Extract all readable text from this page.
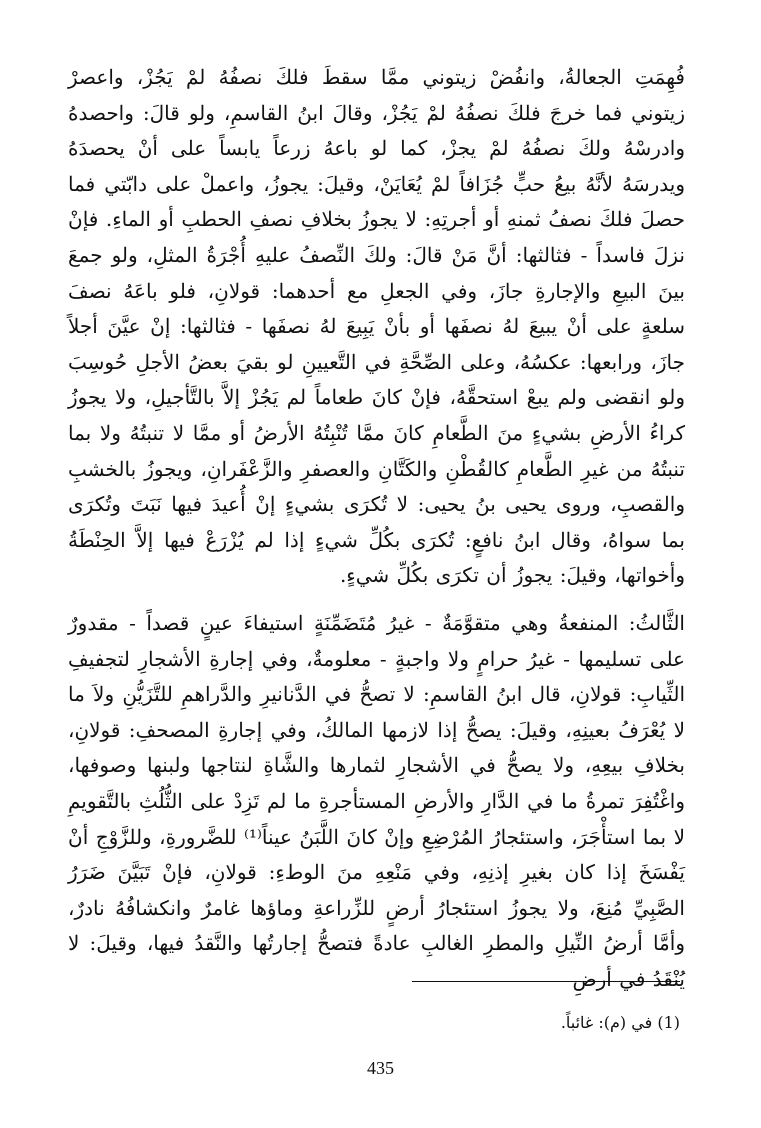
فُهِمَتِ الجعالةُ، وانفُضْ زيتوني ممَّا سقطَ فلكَ نصفُهُ لمْ يَجُزْ، واعصرْ زيتوني فما خرجَ فلكَ نصفُهُ لمْ يَجُزْ، وقالَ ابنُ القاسمِ، ولو قالَ: واحصدهُ وادرسْهُ ولكَ نصفُهُ لمْ يجزْ، كما لو باعهُ زرعاً يابساً على أنْ يحصدَهُ ويدرسَهُ لأنَّهُ بيعُ حبٍّ جُزَافاً لمْ يُعَايَنْ، وقيلَ: يجوزُ، واعملْ على دابّتي فما حصلَ فلكَ نصفُ ثمنهِ أو أجرتِهِ: لا يجوزُ بخلافِ نصفِ الحطبِ أو الماءِ. فإنْ نزلَ فاسداً - فثالثها: أنَّ مَنْ قالَ: ولكَ النِّصفُ عليهِ أُجْرَةُ المثلِ، ولو جمعَ بينَ البيعِ والإجارةِ جازَ، وفي الجعلِ مع أحدهما: قولانِ، فلو باعَهُ نصفَ سلعةٍ على أنْ يبيعَ لهُ نصفَها أو بأنْ يَبِيعَ لهُ نصفَها - فثالثها: إنْ عيَّنَ أجلاً جازَ، ورابعها: عكسُهُ، وعلى الصِّحَّةِ في التَّعيينِ لو بقيَ بعضُ الأجلِ حُوسِبَ ولو انقضى ولم يبعْ استحقَّهُ، فإنْ كانَ طعاماً لم يَجُزْ إلاَّ بالتَّأجيلِ، ولا يجوزُ كراءُ الأرضِ بشيءٍ منَ الطَّعامِ كانَ ممَّا تُنْبِتُهُ الأرضُ أو ممَّا لا تنبتُهُ ولا بما تنبتُهُ من غيرِ الطَّعامِ كالقُطْنِ والكَتَّانِ والعصفرِ والزَّعْفَرانِ، ويجوزُ بالخشبِ والقصبِ، وروى يحيى بنُ يحيى: لا تُكرَى بشيءٍ إنْ أُعيدَ فيها نَبَتَ وتُكرَى بما سواهُ، وقال ابنُ نافعٍ: تُكرَى بكُلِّ شيءٍ إذا لم يُزْرَعْ فيها إلاَّ الحِنْطَةُ وأخواتها، وقيلَ: يجوزُ أن تكرَى بكُلِّ شيءٍ.

الثَّالثُ: المنفعةُ وهي متقوَّمَةٌ - غيرُ مُتَضَمِّنَةٍ استيفاءَ عينٍ قصداً - مقدورٌ على تسليمها - غيرُ حرامٍ ولا واجبةٍ - معلومةٌ، وفي إجارةِ الأشجارِ لتجفيفِ الثِّيابِ: قولانِ، قال ابنُ القاسمِ: لا تصحُّ في الدَّنانيرِ والدَّراهمِ للتَّزَيُّنِ ولاَ ما لا يُعْرَفُ بعينِهِ، وقيلَ: يصحُّ إذا لازمها المالكُ، وفي إجارةِ المصحفِ: قولانِ، بخلافِ بيعِهِ، ولا يصحُّ في الأشجارِ لثمارها والشَّاةِ لنتاجها ولبنها وصوفها، واغْتُفِرَ تمرةُ ما في الدَّارِ والأرضِ المستأجرةِ ما لم تَزِدْ على الثُّلُثِ بالتَّقويمِ لا بما استأْجَرَ، واستئجارُ المُرْضِعِ وإنْ كانَ اللَّبَنُ عيناً⁽¹⁾ للضَّرورةِ، وللزَّوْجِ أنْ يَفْسَخَ إذا كان بغيرِ إذنِهِ، وفي مَنْعِهِ منَ الوطءِ: قولانِ، فإنْ تَبَيَّنَ ضَرَرُ الصَّبِيِّ مُنِعَ، ولا يجوزُ استئجارُ أرضٍ للزِّراعةِ وماؤها غامرٌ وانكشافُهُ نادرٌ، وأمَّا أرضُ النِّيلِ والمطرِ الغالبِ عادةً فتصحُّ إجارتُها والنَّقدُ فيها، وقيلَ: لا يُنْقَدُ في أرضِ

(1) في (م): غائباً.
435
